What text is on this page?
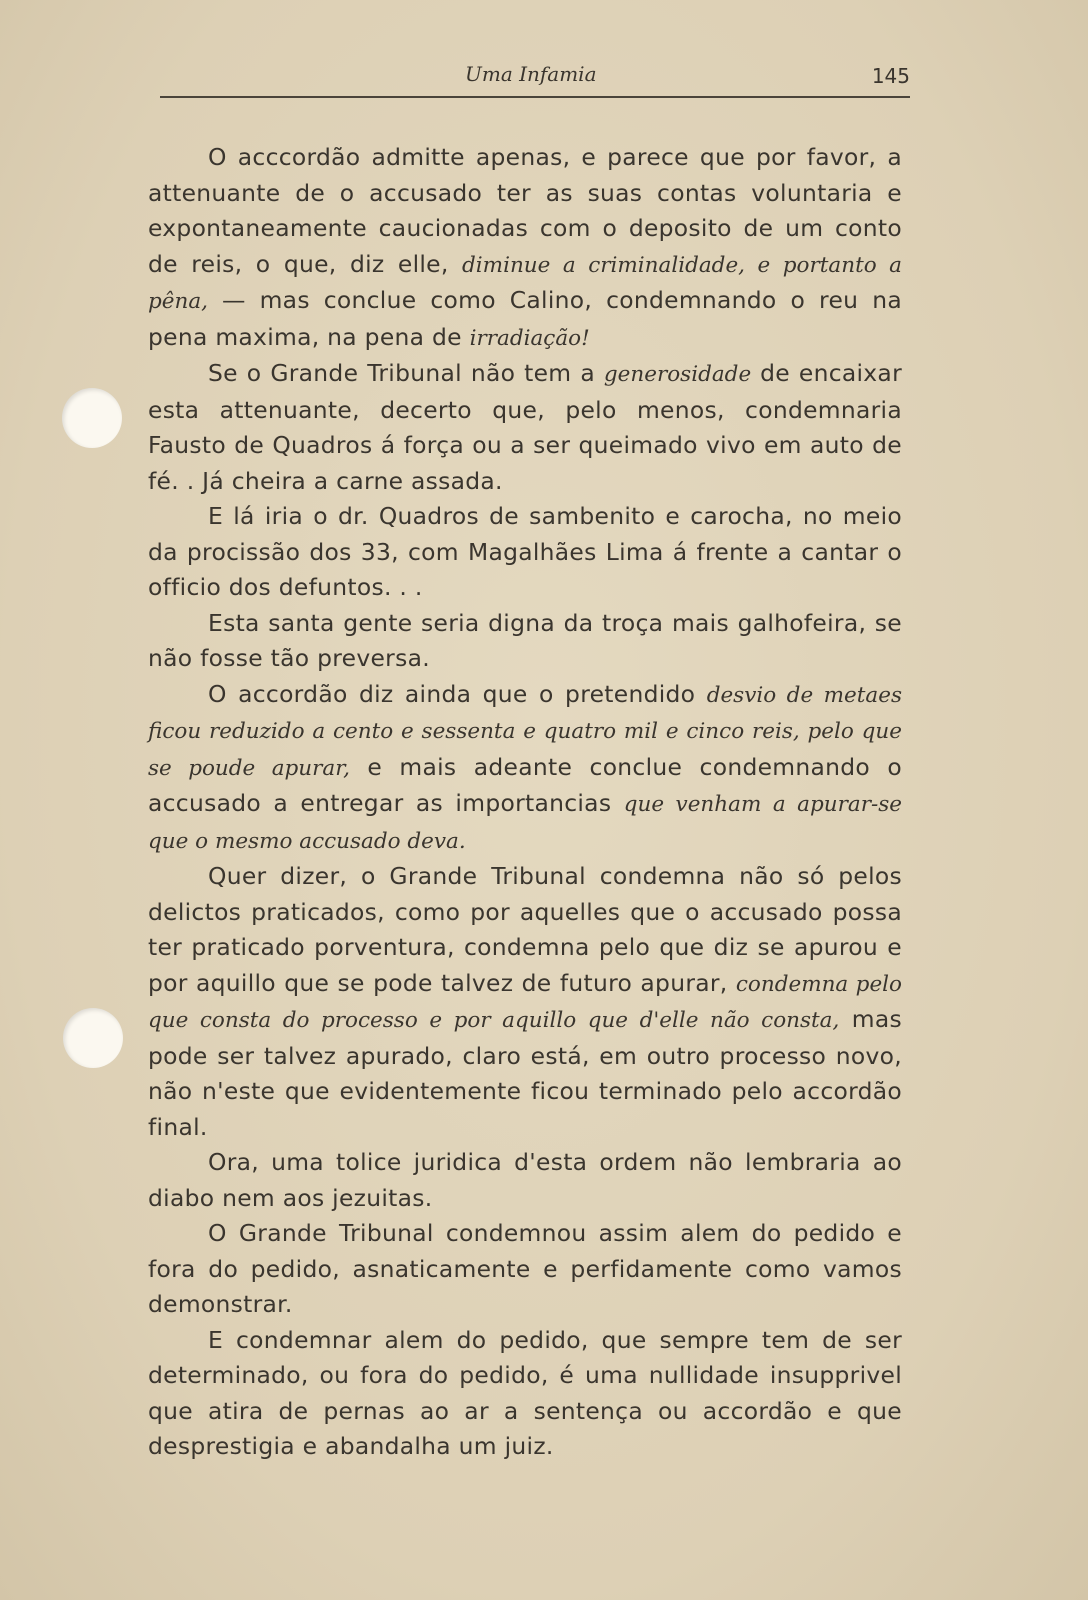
Uma Infamia	145

O acccordão admitte apenas, e parece que por favor, a attenuante de o accusado ter as suas contas voluntaria e expontaneamente caucionadas com o deposito de um conto de reis, o que, diz elle, diminue a criminalidade, e portanto a pêna, — mas conclue como Calino, condemnando o reu na pena maxima, na pena de irradiação!

Se o Grande Tribunal não tem a generosidade de encaixar esta attenuante, decerto que, pelo menos, condemnaria Fausto de Quadros á força ou a ser queimado vivo em auto de fé. . Já cheira a carne assada.

E lá iria o dr. Quadros de sambenito e carocha, no meio da procissão dos 33, com Magalhães Lima á frente a cantar o officio dos defuntos. . .

Esta santa gente seria digna da troça mais galhofeira, se não fosse tão preversa.

O accordão diz ainda que o pretendido desvio de metaes ficou reduzido a cento e sessenta e quatro mil e cinco reis, pelo que se poude apurar, e mais adeante conclue condemnando o accusado a entregar as importancias que venham a apurar-se que o mesmo accusado deva.

Quer dizer, o Grande Tribunal condemna não só pelos delictos praticados, como por aquelles que o accusado possa ter praticado porventura, condemna pelo que diz se apurou e por aquillo que se pode talvez de futuro apurar, condemna pelo que consta do processo e por aquillo que d'elle não consta, mas pode ser talvez apurado, claro está, em outro processo novo, não n'este que evidentemente ficou terminado pelo accordão final.

Ora, uma tolice juridica d'esta ordem não lembraria ao diabo nem aos jezuitas.

O Grande Tribunal condemnou assim alem do pedido e fora do pedido, asnaticamente e perfidamente como vamos demonstrar.

E condemnar alem do pedido, que sempre tem de ser determinado, ou fora do pedido, é uma nullidade insupprivel que atira de pernas ao ar a sentença ou accordão e que desprestigia e abandalha um juiz.
